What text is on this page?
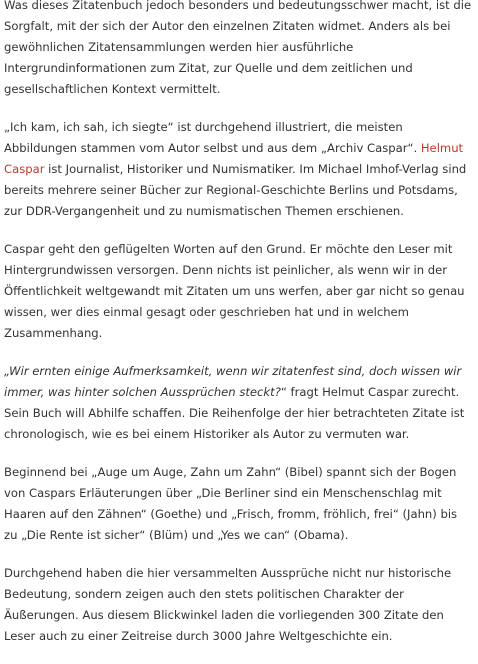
Was dieses Zitatenbuch jedoch besonders und bedeutungsschwer macht, ist die Sorgfalt, mit der sich der Autor den einzelnen Zitaten widmet. Anders als bei gewöhnlichen Zitatensammlungen werden hier ausführliche Intergrundinformationen zum Zitat, zur Quelle und dem zeitlichen und gesellschaftlichen Kontext vermittelt.

„Ich kam, ich sah, ich siegte“ ist durchgehend illustriert, die meisten Abbildungen stammen vom Autor selbst und aus dem „Archiv Caspar“. Helmut Caspar ist Journalist, Historiker und Numismatiker. Im Michael Imhof-Verlag sind bereits mehrere seiner Bücher zur Regional-Geschichte Berlins und Potsdams, zur DDR-Vergangenheit und zu numismatischen Themen erschienen.

Caspar geht den geflügelten Worten auf den Grund. Er möchte den Leser mit Hintergrundwissen versorgen. Denn nichts ist peinlicher, als wenn wir in der Öffentlichkeit weltgewandt mit Zitaten um uns werfen, aber gar nicht so genau wissen, wer dies einmal gesagt oder geschrieben hat und in welchem Zusammenhang.

„Wir ernten einige Aufmerksamkeit, wenn wir zitatenfest sind, doch wissen wir immer, was hinter solchen Aussprüchen steckt?“ fragt Helmut Caspar zurecht. Sein Buch will Abhilfe schaffen. Die Reihenfolge der hier betrachteten Zitate ist chronologisch, wie es bei einem Historiker als Autor zu vermuten war.

Beginnend bei „Auge um Auge, Zahn um Zahn“ (Bibel) spannt sich der Bogen von Caspars Erläuterungen über „Die Berliner sind ein Menschenschlag mit Haaren auf den Zähnen“ (Goethe) und „Frisch, fromm, fröhlich, frei“ (Jahn) bis zu „Die Rente ist sicher“ (Blüm) und „Yes we can“ (Obama).

Durchgehend haben die hier versammelten Aussprüche nicht nur historische Bedeutung, sondern zeigen auch den stets politischen Charakter der Äußerungen. Aus diesem Blickwinkel laden die vorliegenden 300 Zitate den Leser auch zu einer Zeitreise durch 3000 Jahre Weltgeschichte ein.
